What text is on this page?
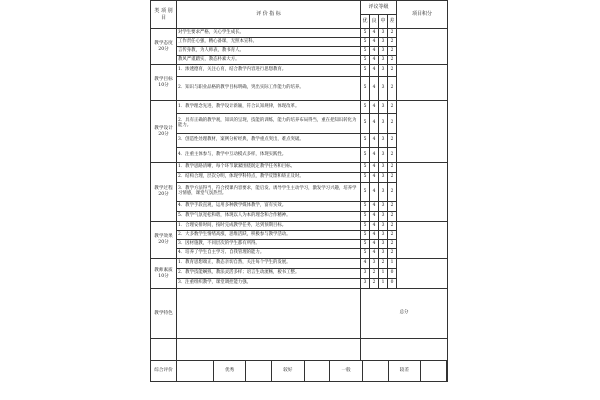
类 项 别 目	评 价 指 标	评议等级	项目积分
优	良	中	差
教学态度20分	对学生要求严格，关心学生成长。	5	4	3	2	
工作责任心强，精心备课，无照本宣科。	5	4	3	2
言传身教，为人师表，教书育人。	5	4	3	2
教风严谨踏实，教态朴素大方。	5	4	3	2
教学目标10分	1．渗透德育，关注心育，结合教学内容进行思想教育。	5	4	3	2	
2．知识与职业品格的教学目标明确，突出实际工作能力的培养。	5	4	3	2
教学设计20分	1．教学理念先进，教学设计新颖，符合认知规律，体现改革。	5	4	3	2	
2．具有正确的教学观，知识的呈现，技能的训练，能力的培养布局得当，重在把知识转化为能力。	5	4	3	2
3．创造性处理教材，案例分析经典，教学重点突出，难点突破。	5	4	3	2
4．注重主体参与，教学中互动模式多样，体现实践性。	5	4	3	2
教学过程20分	1．教学思路清晰，每个环节紧紧围绕既定教学任务和目标。	5	4	3	2	
2．结构合理，层次分明，体现学科特点，教学反馈和矫正及时。	5	4	3	2
3．教学方法得当，符合授课内容要求，能启发、诱导学生主动学习，激发学习兴趣，培养学习情感，课堂气氛热烈。	5	4	3	2
4．教学手段直观，运用多种教学媒体教学，富有实效。	5	4	3	2
5．教学气氛宽松和谐，体现以人为本的理念和合作精神。	5	4	3	2
教学效果20分	1．合理安排时间，按时完成教学任务，达到预期目标。	5	4	3	2	
2．大多数学生情绪高涨，思维活跃，积极参与教学活动。	5	4	3	2
3．因材施教，不同层次的学生都有所得。	5	4	3	2
4．培养了学生自主学习、自我管理的能力。	5	4	3	2
教师素质10分	1．教育思想端正，教态亲切自然，关注每个学生的发展。	4	3	2	1	
2．教学技能娴熟，教法灵活多样；语言生动流畅，板书工整。	3	2	1	0
3．注重组织教学，课堂调控能力强。	3	2	1	0
教学特色		总分

综合评价	
		优秀		较好		一般		较差	
